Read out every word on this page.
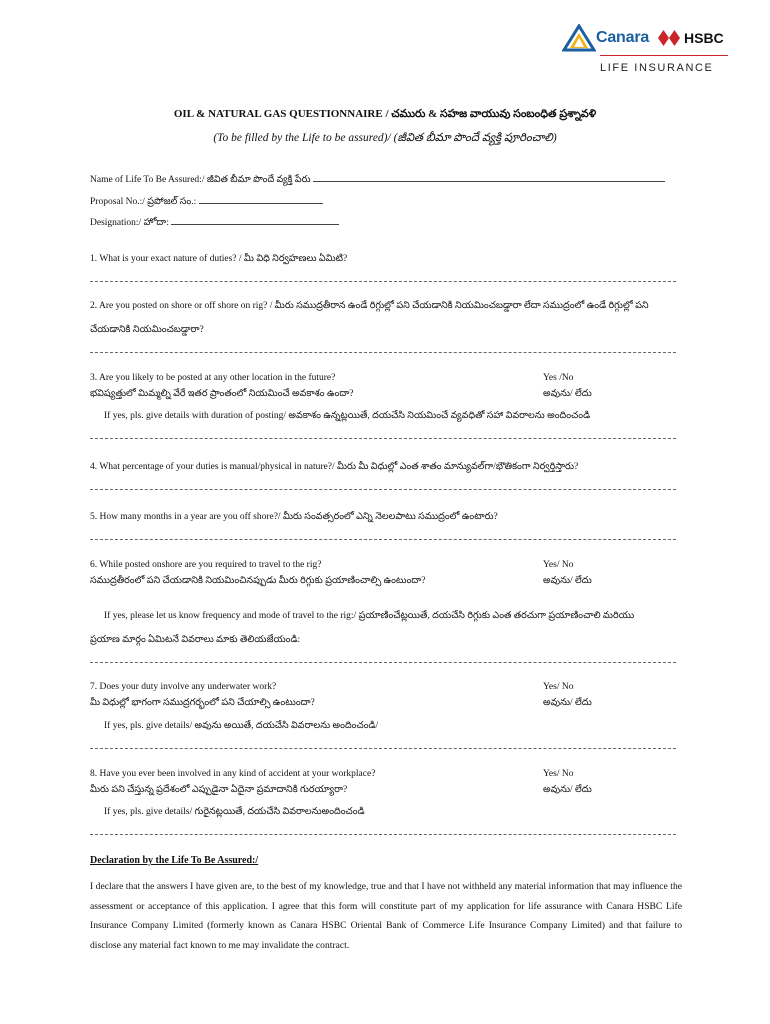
Canara HSBC
LIFE INSURANCE
OIL & NATURAL GAS QUESTIONNAIRE / చమురు & సహజ వాయువు సంబంధిత ప్రశ్నావళి
(To be filled by the Life to be assured)/ (జీవిత బీమా పొందే వ్యక్తి పూరించాలి)
Name of Life To Be Assured:/ జీవిత బీమా పొందే వ్యక్తి పేరు
Proposal No.:/ ప్రపోజల్ సం.:
Designation:/ హోదా:
1. What is your exact nature of duties? / మీ విధి నిర్వహణలు ఏమిటి?
2. Are you posted on shore or off shore on rig? / మీరు సముద్రతీరాన ఉండే రిగ్గుల్లో పని చేయడానికి నియమించబడ్డారా లేదా సముద్రంలో ఉండే రిగ్గుల్లో పని
చేయడానికి నియమించబడ్డారా?
3. Are you likely to be posted at any other location in the future?
భవిష్యత్తులో మిమ్మల్ని వేరే ఇతర ప్రాంతంలో నియమించే అవకాశం ఉందా?
Yes /No
అవును/ లేదు
If yes, pls. give details with duration of posting/ అవకాశం ఉన్నట్లయితే, దయచేసి నియమించే వ్యవధితో సహా వివరాలను అందించండి
4. What percentage of your duties is manual/physical in nature?/ మీరు మీ విధుల్లో ఎంత శాతం మాన్యువల్‌గా/భౌతికంగా నిర్వర్తిస్తారు?
5. How many months in a year are you off shore?/ మీరు సంవత్సరంలో ఎన్ని నెలలపాటు సముద్రంలో ఉంటారు?
6. While posted onshore are you required to travel to the rig?
సముద్రతీరంలో పని చేయడానికి నియమించినప్పుడు మీరు రిగ్గుకు ప్రయాణించాల్సి ఉంటుందా?
Yes/ No
అవును/ లేదు
If yes, please let us know frequency and mode of travel to the rig:/ ప్రయాణించేట్లయితే, దయచేసి రిగ్గుకు ఎంత తరచుగా ప్రయాణించాలి మరియు
ప్రయాణ మార్గం ఏమిటనే వివరాలు మాకు తెలియజేయండి:
7. Does your duty involve any underwater work?
మీ విధుల్లో భాగంగా సముద్రగర్భంలో పని చేయాల్సి ఉంటుందా?
Yes/ No
అవును/ లేదు
If yes, pls. give details/ అవును అయితే, దయచేసి వివరాలను అందించండి/
8. Have you ever been involved in any kind of accident at your workplace?
మీరు పని చేస్తున్న ప్రదేశంలో ఎప్పుడైనా ఏదైనా ప్రమాదానికి గురయ్యారా?
Yes/ No
అవును/ లేదు
If yes, pls. give details/ గురైనట్లయితే, దయచేసి వివరాలనుఅందించండి
Declaration by the Life To Be Assured:/
I declare that the answers I have given are, to the best of my knowledge, true and that I have not withheld any material information that may influence the assessment or acceptance of this application. I agree that this form will constitute part of my application for life assurance with Canara HSBC Life Insurance Company Limited (formerly known as Canara HSBC Oriental Bank of Commerce Life Insurance Company Limited) and that failure to disclose any material fact known to me may invalidate the contract.
